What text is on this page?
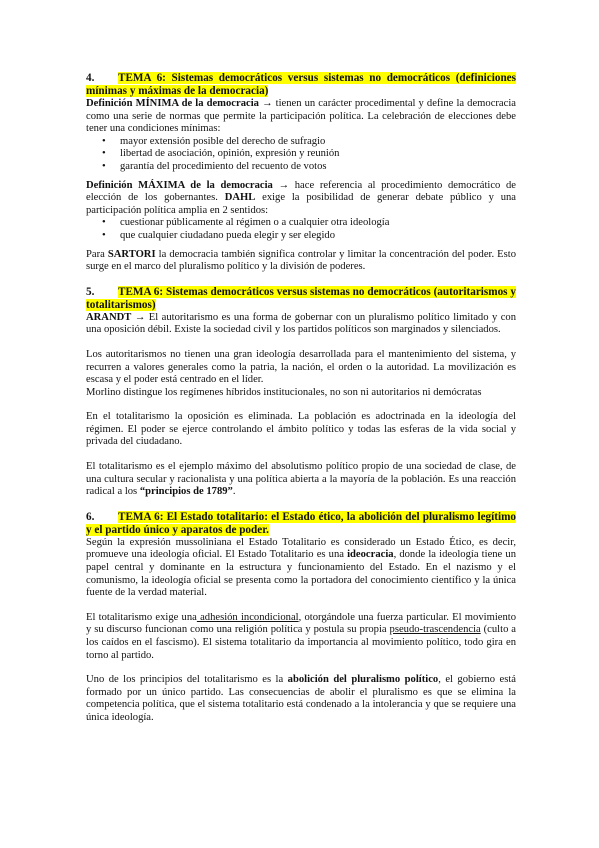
4. TEMA 6: Sistemas democráticos versus sistemas no democráticos (definiciones mínimas y máximas de la democracia)

Definición MÍNIMA de la democracia → tienen un carácter procedimental y define la democracia como una serie de normas que permite la participación política. La celebración de elecciones debe tener una condiciones mínimas:

• mayor extensión posible del derecho de sufragio
• libertad de asociación, opinión, expresión y reunión
• garantía del procedimiento del recuento de votos

Definición MÁXIMA de la democracia → hace referencia al procedimiento democrático de elección de los gobernantes. DAHL exige la posibilidad de generar debate público y una participación política amplia en 2 sentidos:

• cuestionar públicamente al régimen o a cualquier otra ideología
• que cualquier ciudadano pueda elegir y ser elegido

Para SARTORI la democracia también significa controlar y limitar la concentración del poder. Esto surge en el marco del pluralismo político y la división de poderes.

5. TEMA 6: Sistemas democráticos versus sistemas no democráticos (autoritarismos y totalitarismos)

ARANDT → El autoritarismo es una forma de gobernar con un pluralismo político limitado y con una oposición débil. Existe la sociedad civil y los partidos políticos son marginados y silenciados.

Los autoritarismos no tienen una gran ideología desarrollada para el mantenimiento del sistema, y recurren a valores generales como la patria, la nación, el orden o la autoridad. La movilización es escasa y el poder está centrado en el líder.

Morlino distingue los regímenes híbridos institucionales, no son ni autoritarios ni demócratas

En el totalitarismo la oposición es eliminada. La población es adoctrinada en la ideología del régimen. El poder se ejerce controlando el ámbito político y todas las esferas de la vida social y privada del ciudadano.

El totalitarismo es el ejemplo máximo del absolutismo político propio de una sociedad de clase, de una cultura secular y racionalista y una política abierta a la mayoría de la población. Es una reacción radical a los “principios de 1789”.

6. TEMA 6: El Estado totalitario: el Estado ético, la abolición del pluralismo legítimo y el partido único y aparatos de poder.

Según la expresión mussoliniana el Estado Totalitario es considerado un Estado Ético, es decir, promueve una ideología oficial. El Estado Totalitario es una ideocracia, donde la ideología tiene un papel central y dominante en la estructura y funcionamiento del Estado. En el nazismo y el comunismo, la ideología oficial se presenta como la portadora del conocimiento científico y la única fuente de la verdad material.

El totalitarismo exige una adhesión incondicional, otorgándole una fuerza particular. El movimiento y su discurso funcionan como una religión política y postula su propia pseudo-trascendencia (culto a los caídos en el fascismo). El sistema totalitario da importancia al movimiento político, todo gira en torno al partido.

Uno de los principios del totalitarismo es la abolición del pluralismo político, el gobierno está formado por un único partido. Las consecuencias de abolir el pluralismo es que se elimina la competencia política, que el sistema totalitario está condenado a la intolerancia y que se requiere una única ideología.
